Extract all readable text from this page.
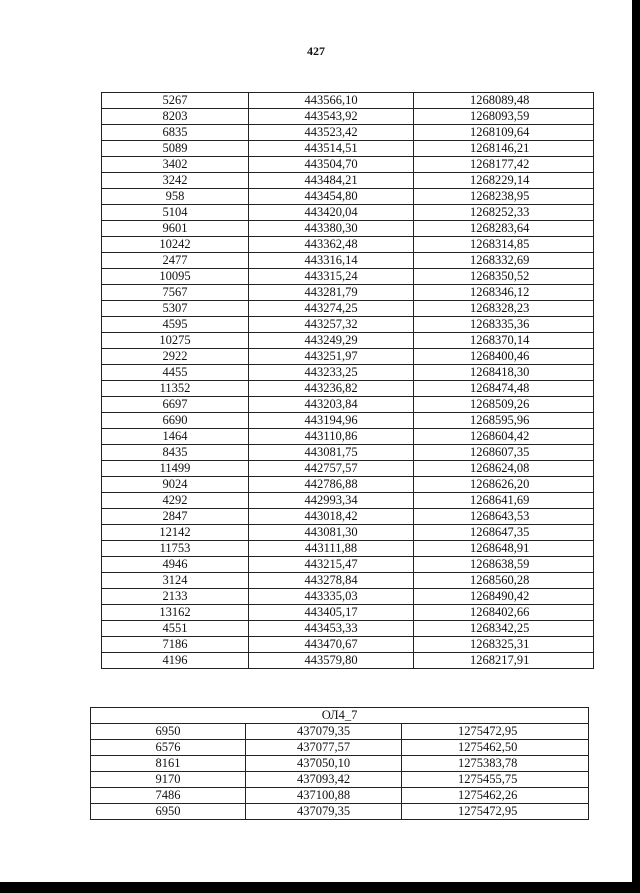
427
5267	443566,10	1268089,48
8203	443543,92	1268093,59
6835	443523,42	1268109,64
5089	443514,51	1268146,21
3402	443504,70	1268177,42
3242	443484,21	1268229,14
958	443454,80	1268238,95
5104	443420,04	1268252,33
9601	443380,30	1268283,64
10242	443362,48	1268314,85
2477	443316,14	1268332,69
10095	443315,24	1268350,52
7567	443281,79	1268346,12
5307	443274,25	1268328,23
4595	443257,32	1268335,36
10275	443249,29	1268370,14
2922	443251,97	1268400,46
4455	443233,25	1268418,30
11352	443236,82	1268474,48
6697	443203,84	1268509,26
6690	443194,96	1268595,96
1464	443110,86	1268604,42
8435	443081,75	1268607,35
11499	442757,57	1268624,08
9024	442786,88	1268626,20
4292	442993,34	1268641,69
2847	443018,42	1268643,53
12142	443081,30	1268647,35
11753	443111,88	1268648,91
4946	443215,47	1268638,59
3124	443278,84	1268560,28
2133	443335,03	1268490,42
13162	443405,17	1268402,66
4551	443453,33	1268342,25
7186	443470,67	1268325,31
4196	443579,80	1268217,91
ОЛ4_7		
6950	437079,35	1275472,95
6576	437077,57	1275462,50
8161	437050,10	1275383,78
9170	437093,42	1275455,75
7486	437100,88	1275462,26
6950	437079,35	1275472,95
